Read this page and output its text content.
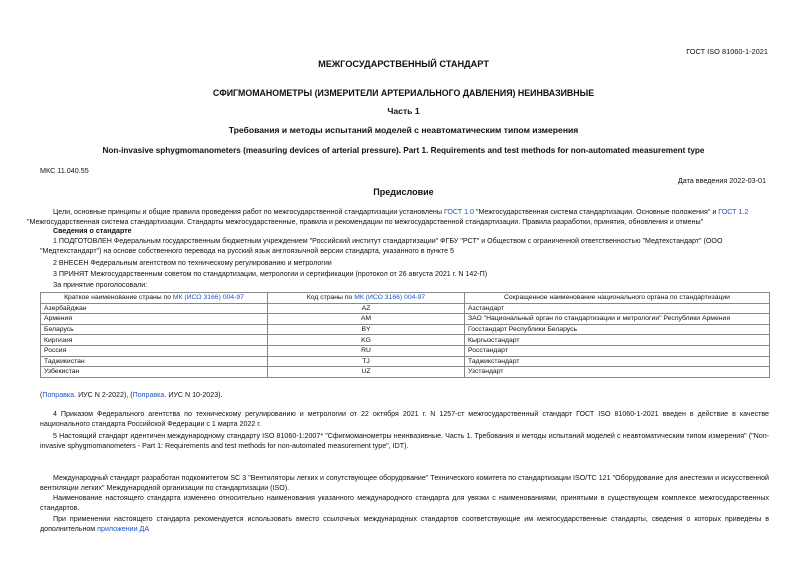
ГОСТ ISO 81060-1-2021
МЕЖГОСУДАРСТВЕННЫЙ СТАНДАРТ
СФИГМОМАНОМЕТРЫ (ИЗМЕРИТЕЛИ АРТЕРИАЛЬНОГО ДАВЛЕНИЯ) НЕИНВАЗИВНЫЕ
Часть 1
Требования и методы испытаний моделей с неавтоматическим типом измерения
Non-invasive sphygmomanometers (measuring devices of arterial pressure). Part 1. Requirements and test methods for non-automated measurement type
МКС 11.040.55
Дата введения 2022-03-01
Предисловие
Цели, основные принципы и общие правила проведения работ по межгосударственной стандартизации установлены ГОСТ 1.0 "Межгосударственная система стандартизации. Основные положения" и ГОСТ 1.2
"Межгосударственная система стандартизации. Стандарты межгосударственные, правила и рекомендации по межгосударственной стандартизации. Правила разработки, принятия, обновления и отмены"
Сведения о стандарте
1 ПОДГОТОВЛЕН Федеральным государственным бюджетным учреждением "Российский институт стандартизации" ФГБУ "РСТ" и Обществом с ограниченной ответственностью "Медтехстандарт" (ООО
"Медтехстандарт") на основе собственного перевода на русский язык англоязычной версии стандарта, указанного в пункте 5
2 ВНЕСЕН Федеральным агентством по техническому регулированию и метрологии
3 ПРИНЯТ Межгосударственным советом по стандартизации, метрологии и сертификации (протокол от 26 августа 2021 г. N 142-П)
За принятие проголосовали:
Краткое наименование страны по МК (ИСО 3166) 004-97	Код страны по МК (ИСО 3166) 004-97	Сокращенное наименование национального органа по стандартизации
Азербайджан	AZ	Азстандарт
Армения	AM	ЗАО "Национальный орган по стандартизации и метрологии" Республики Армения
Беларусь	BY	Госстандарт Республики Беларусь
Киргизия	KG	Кыргызстандарт
Россия	RU	Росстандарт
Таджикистан	TJ	Таджикстандарт
Узбекистан	UZ	Узстандарт
(Поправка. ИУС N 2-2022), (Поправка. ИУС N 10-2023).
4 Приказом Федерального агентства по техническому регулированию и метрологии от 22 октября 2021 г. N 1257-ст межгосударственный стандарт ГОСТ ISO 81060-1-2021 введен в действие в качестве национального стандарта Российской Федерации с 1 марта 2022 г.
5 Настоящий стандарт идентичен международному стандарту ISO 81060-1:2007* "Сфигмоманометры неинвазивные. Часть 1. Требования и методы испытаний моделей с неавтоматическим типом измерения" ("Non-invasive sphygmomanometers - Part 1: Requirements and test methods for non-automated measurement type", IDT).
Международный стандарт разработан подкомитетом SC 3 "Вентиляторы легких и сопутствующее оборудование" Технического комитета по стандартизации ISO/TC 121 "Оборудование для анестезии и искусственной вентиляции легких" Международной организации по стандартизации (ISO).
Наименование настоящего стандарта изменено относительно наименования указанного международного стандарта для увязки с наименованиями, принятыми в существующем комплексе межгосударственных стандартов.
При применении настоящего стандарта рекомендуется использовать вместо ссылочных международных стандартов соответствующие им межгосударственные стандарты, сведения о которых приведены в дополнительном приложении ДА
